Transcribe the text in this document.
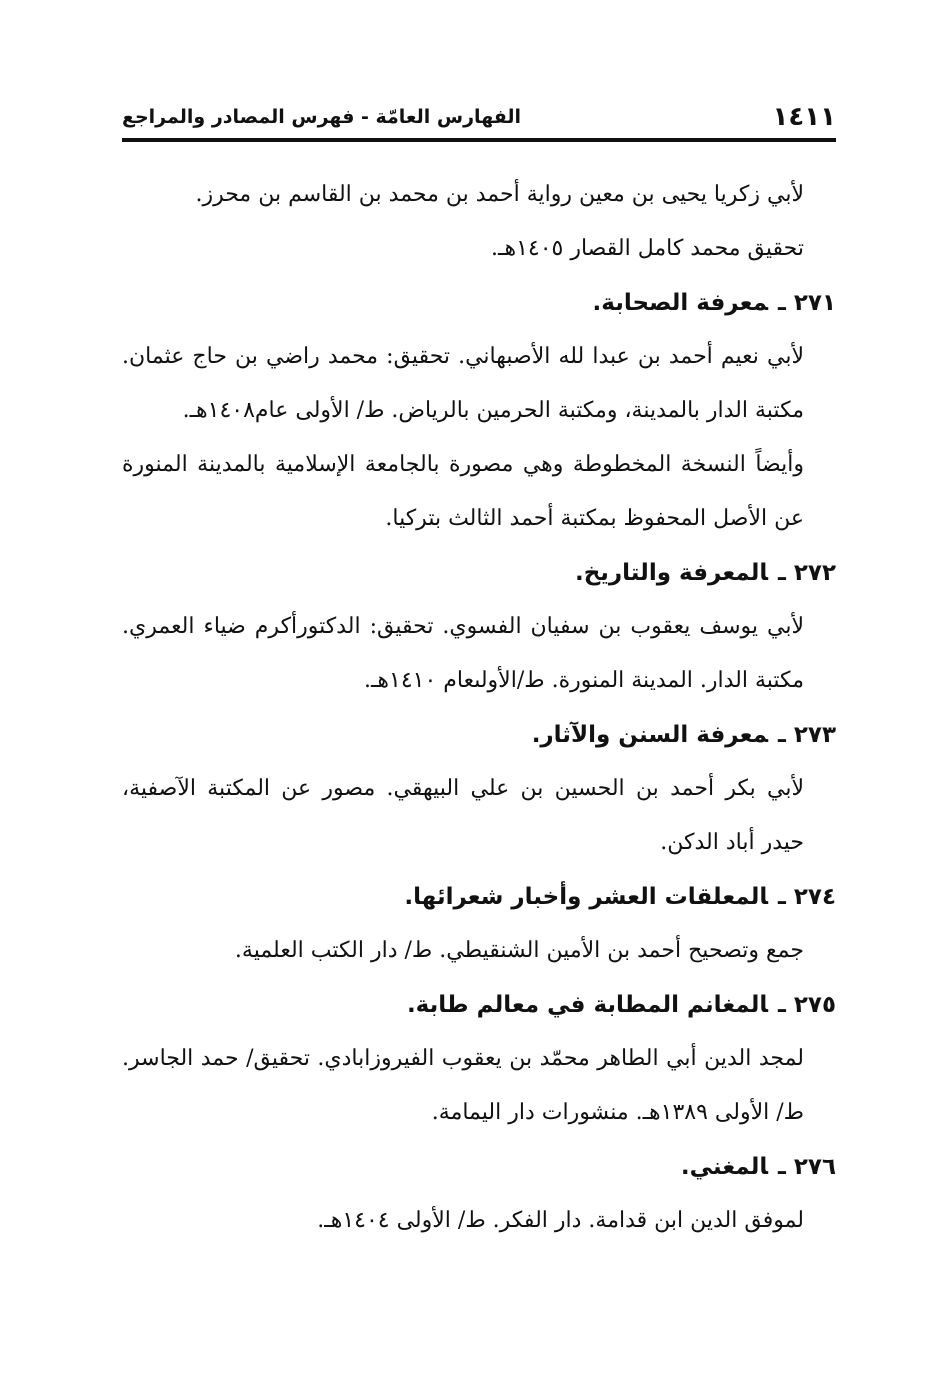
١٤١١
الفهارس العامّة - فهرس المصادر والمراجع

لأبي زكريا يحيى بن معين رواية أحمد بن محمد بن القاسم بن محرز.

تحقيق محمد كامل القصار ١٤٠٥هـ.

٢٧١ ـمعرفة الصحابة.

لأبي نعيم أحمد بن عبدا لله الأصبهاني. تحقيق: محمد راضي بن حاج عثمان. مكتبة الدار بالمدينة، ومكتبة الحرمين بالرياض. ط/ الأولى عام١٤٠٨هـ.

وأيضاً النسخة المخطوطة وهي مصورة بالجامعة الإسلامية بالمدينة المنورة عن الأصل المحفوظ بمكتبة أحمد الثالث بتركيا.

٢٧٢ ـالمعرفة والتاريخ.

لأبي يوسف يعقوب بن سفيان الفسوي. تحقيق: الدكتورأكرم ضياء العمري. مكتبة الدار. المدينة المنورة. ط/الأولىعام ١٤١٠هـ.

٢٧٣ ـمعرفة السنن والآثار.

لأبي بكر أحمد بن الحسين بن علي البيهقي. مصور عن المكتبة الآصفية، حيدر أباد الدكن.

٢٧٤ ـالمعلقات العشر وأخبار شعرائها.

جمع وتصحيح أحمد بن الأمين الشنقيطي. ط/ دار الكتب العلمية.

٢٧٥ ـالمغانم المطابة في معالم طابة.

لمجد الدين أبي الطاهر محمّد بن يعقوب الفيروزابادي. تحقيق/ حمد الجاسر. ط/ الأولى ١٣٨٩هـ. منشورات دار اليمامة.

٢٧٦ ـالمغني.

لموفق الدين ابن قدامة. دار الفكر. ط/ الأولى ١٤٠٤هـ.
